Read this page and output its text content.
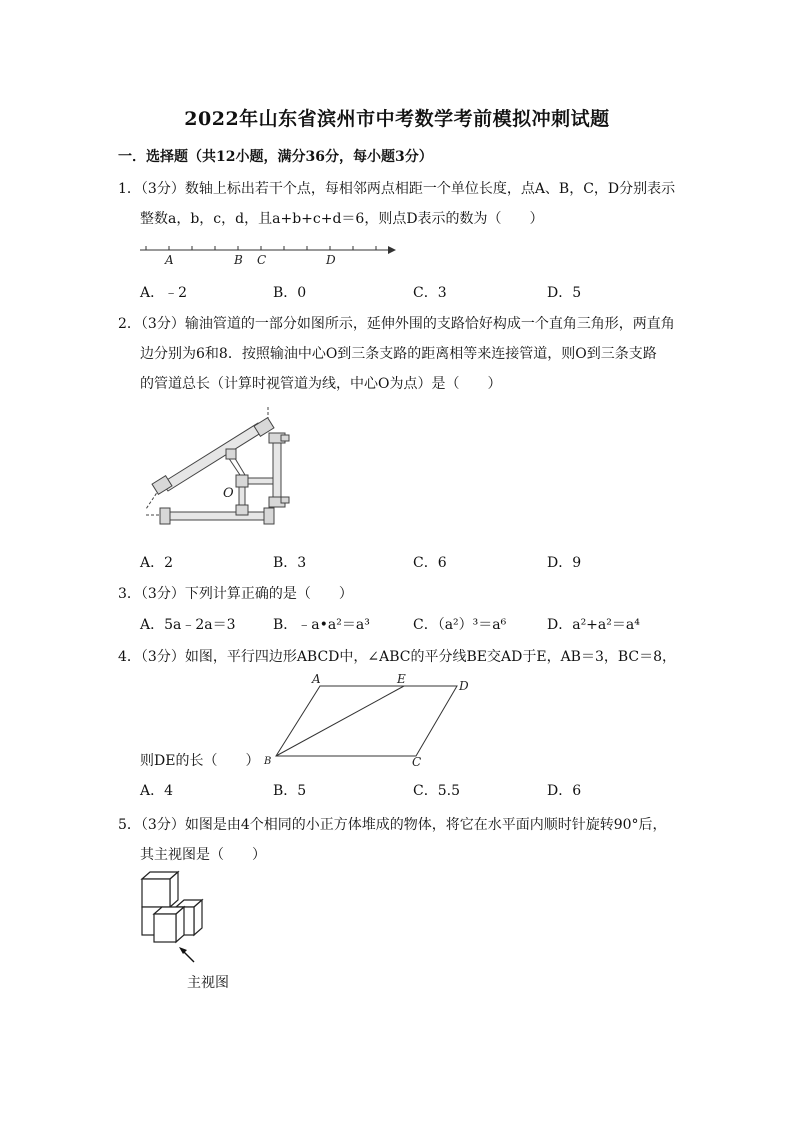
2022年山东省滨州市中考数学考前模拟冲刺试题
一．选择题（共12小题，满分36分，每小题3分）
1．（3分）数轴上标出若干个点，每相邻两点相距一个单位长度，点A、B，C，D分别表示
整数a，b，c，d，且a+b+c+d＝6，则点D表示的数为（　　）
A	B C	D
A．﹣2	B．0	C．3	D．5
2．（3分）输油管道的一部分如图所示，延伸外围的支路恰好构成一个直角三角形，两直角
边分别为6和8．按照输油中心O到三条支路的距离相等来连接管道，则O到三条支路
的管道总长（计算时视管道为线，中心O为点）是（　　）
O
A．2	B．3	C．6	D．9
3．（3分）下列计算正确的是（　　）
A．5a﹣2a＝3	B．﹣a•a²＝a³	C．（a²）³＝a⁶	D．a²+a²＝a⁴
4．（3分）如图，平行四边形ABCD中，∠ABC的平分线BE交AD于E，AB＝3，BC＝8，
A	E	D
B	C
则DE的长（　　）
A．4	B．5	C．5.5	D．6
5．（3分）如图是由4个相同的小正方体堆成的物体，将它在水平面内顺时针旋转90°后，
其主视图是（　　）
主视图
